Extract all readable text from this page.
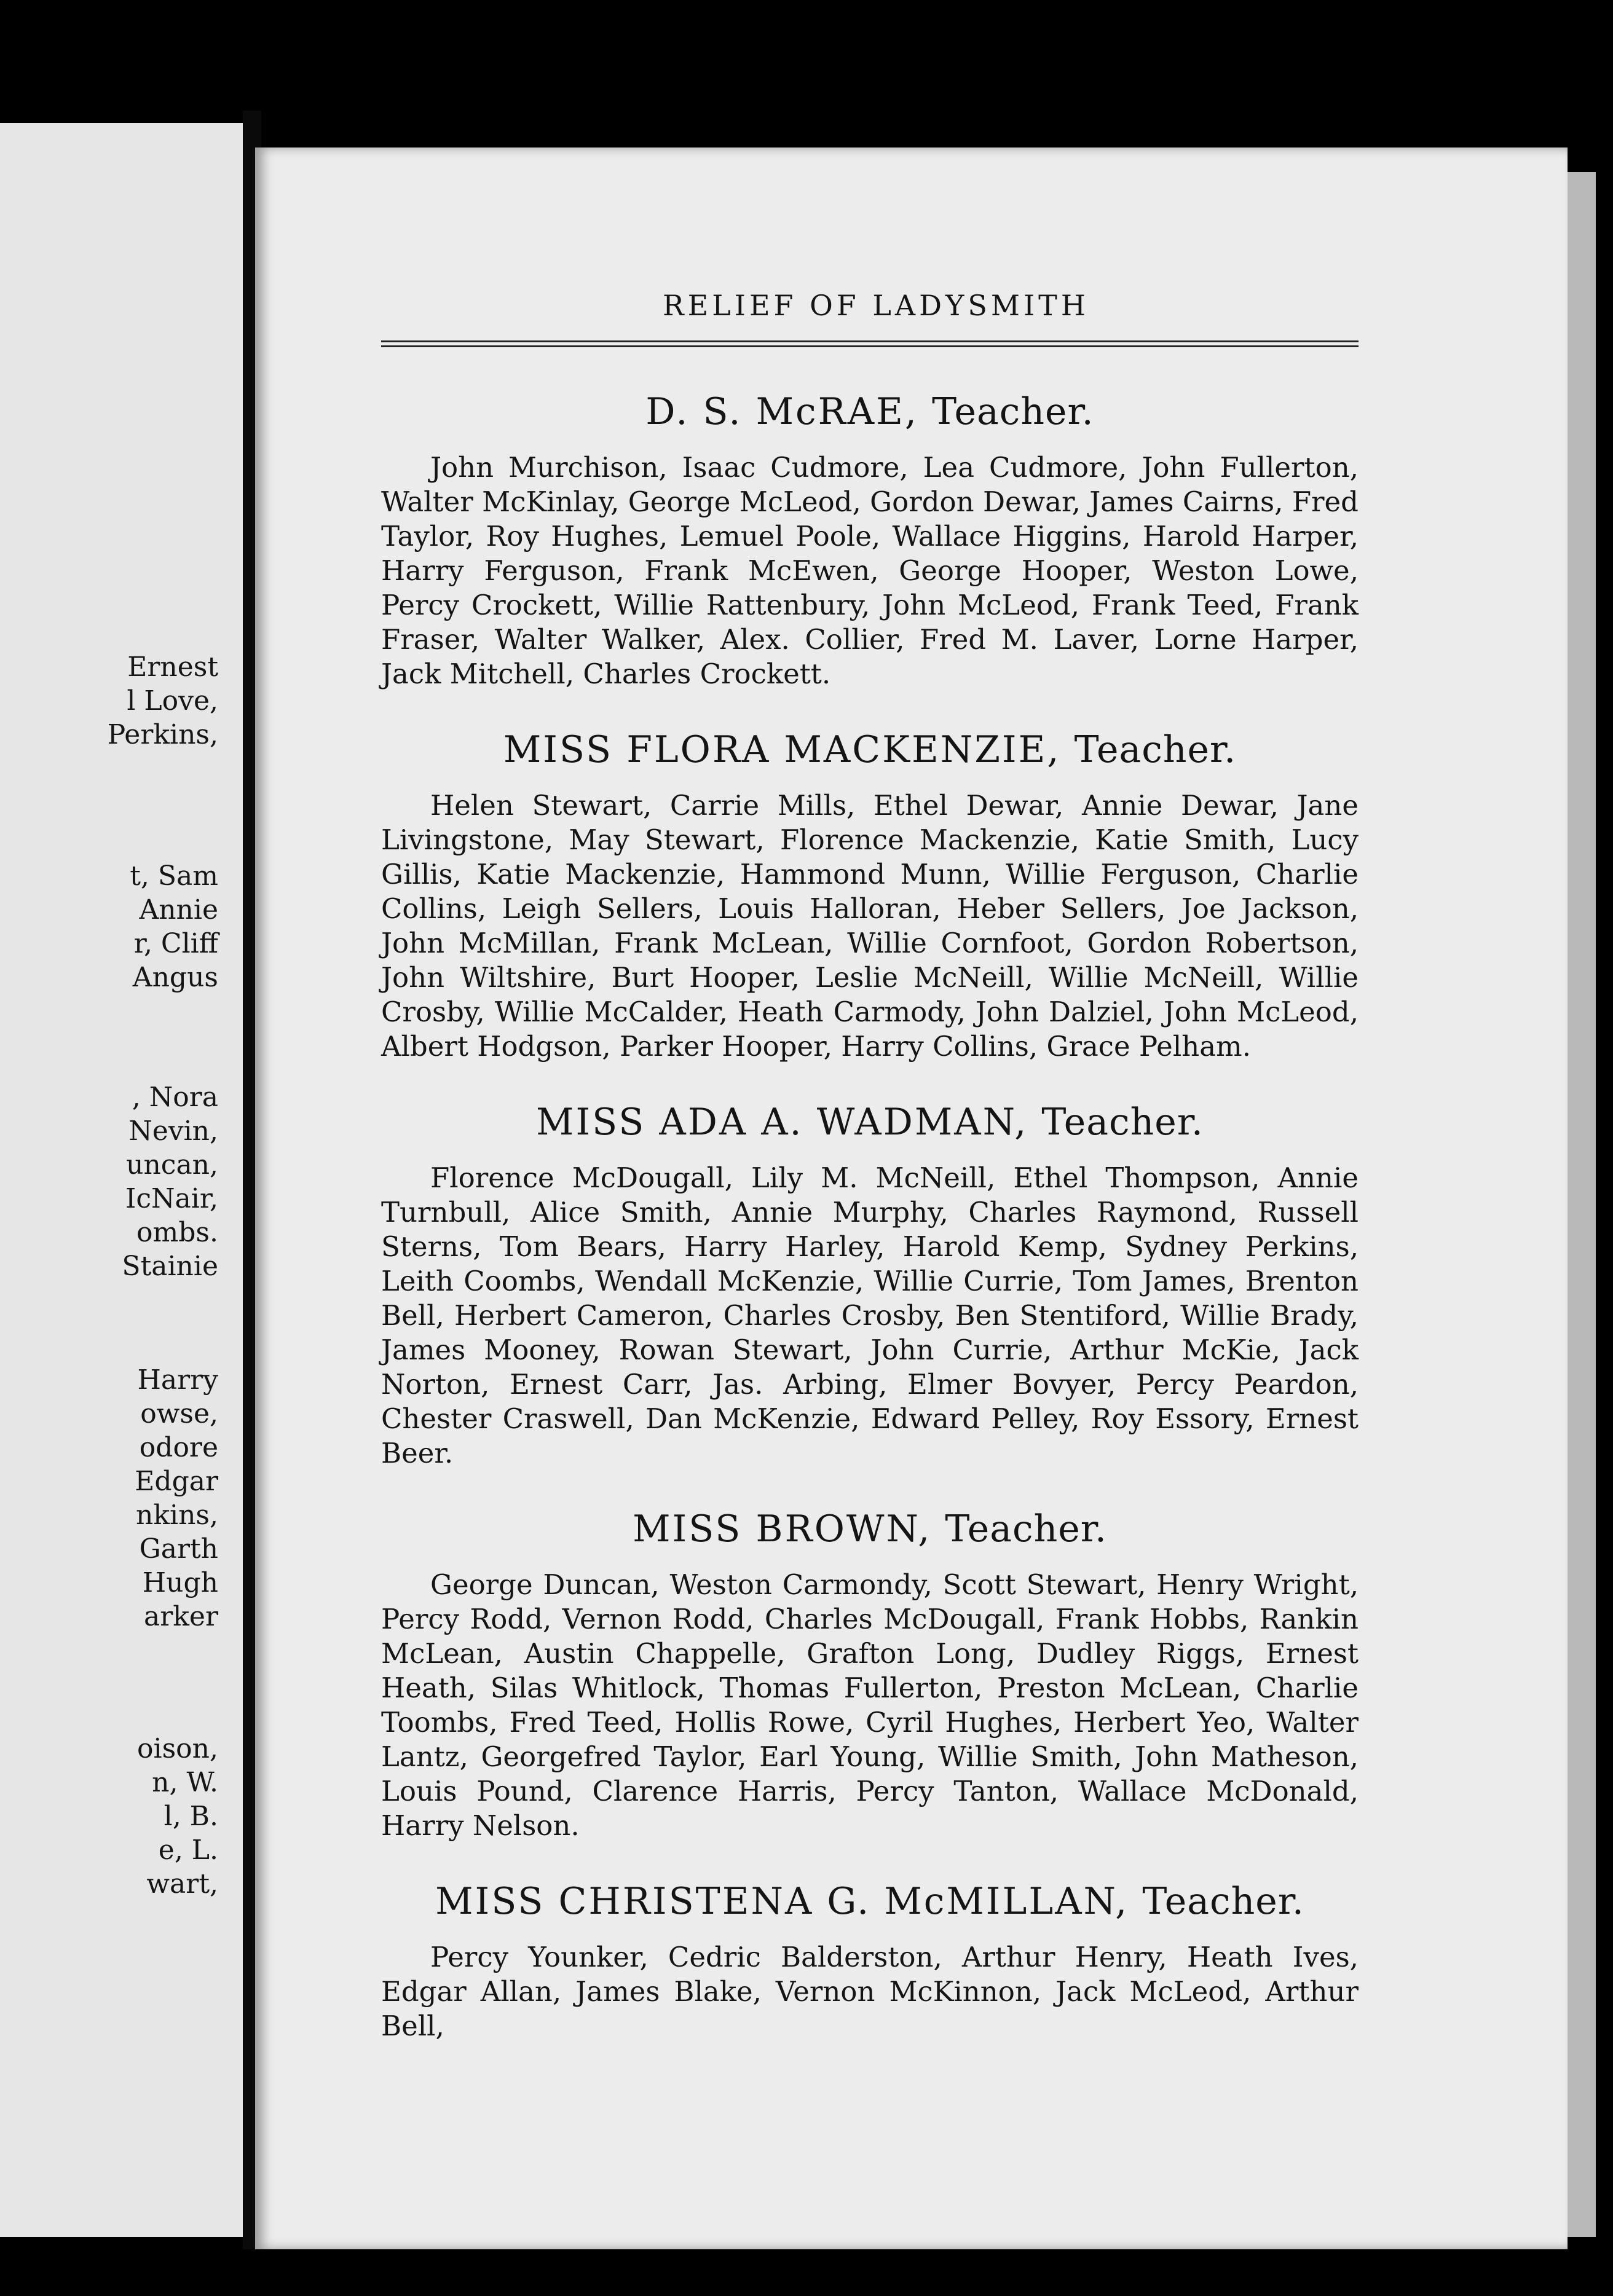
Ernest
l Love,
Perkins,
t, Sam
Annie
r, Cliff
Angus
, Nora
Nevin,
uncan,
IcNair,
ombs.
Stainie
Harry
owse,
odore
Edgar
nkins,
Garth
Hugh
arker
oison,
n, W.
l, B.
e, L.
wart,
RELIEF OF LADYSMITH
D. S. McRAE, Teacher.
John Murchison, Isaac Cudmore, Lea Cudmore, John Fullerton, Walter McKinlay, George McLeod, Gordon Dewar, James Cairns, Fred Taylor, Roy Hughes, Lemuel Poole, Wallace Higgins, Harold Harper, Harry Ferguson, Frank McEwen, George Hooper, Weston Lowe, Percy Crockett, Willie Rattenbury, John McLeod, Frank Teed, Frank Fraser, Walter Walker, Alex. Collier, Fred M. Laver, Lorne Harper, Jack Mitchell, Charles Crockett.
MISS FLORA MACKENZIE, Teacher.
Helen Stewart, Carrie Mills, Ethel Dewar, Annie Dewar, Jane Livingstone, May Stewart, Florence Mackenzie, Katie Smith, Lucy Gillis, Katie Mackenzie, Hammond Munn, Willie Ferguson, Charlie Collins, Leigh Sellers, Louis Halloran, Heber Sellers, Joe Jackson, John McMillan, Frank McLean, Willie Cornfoot, Gordon Robertson, John Wiltshire, Burt Hooper, Leslie McNeill, Willie McNeill, Willie Crosby, Willie McCalder, Heath Carmody, John Dalziel, John McLeod, Albert Hodgson, Parker Hooper, Harry Collins, Grace Pelham.
MISS ADA A. WADMAN, Teacher.
Florence McDougall, Lily M. McNeill, Ethel Thompson, Annie Turnbull, Alice Smith, Annie Murphy, Charles Raymond, Russell Sterns, Tom Bears, Harry Harley, Harold Kemp, Sydney Perkins, Leith Coombs, Wendall McKenzie, Willie Currie, Tom James, Brenton Bell, Herbert Cameron, Charles Crosby, Ben Stentiford, Willie Brady, James Mooney, Rowan Stewart, John Currie, Arthur McKie, Jack Norton, Ernest Carr, Jas. Arbing, Elmer Bovyer, Percy Peardon, Chester Craswell, Dan McKenzie, Edward Pelley, Roy Essory, Ernest Beer.
MISS BROWN, Teacher.
George Duncan, Weston Carmondy, Scott Stewart, Henry Wright, Percy Rodd, Vernon Rodd, Charles McDougall, Frank Hobbs, Rankin McLean, Austin Chappelle, Grafton Long, Dudley Riggs, Ernest Heath, Silas Whitlock, Thomas Fullerton, Preston McLean, Charlie Toombs, Fred Teed, Hollis Rowe, Cyril Hughes, Herbert Yeo, Walter Lantz, Georgefred Taylor, Earl Young, Willie Smith, John Matheson, Louis Pound, Clarence Harris, Percy Tanton, Wallace McDonald, Harry Nelson.
MISS CHRISTENA G. McMILLAN, Teacher.
Percy Younker, Cedric Balderston, Arthur Henry, Heath Ives, Edgar Allan, James Blake, Vernon McKinnon, Jack McLeod, Arthur Bell,
